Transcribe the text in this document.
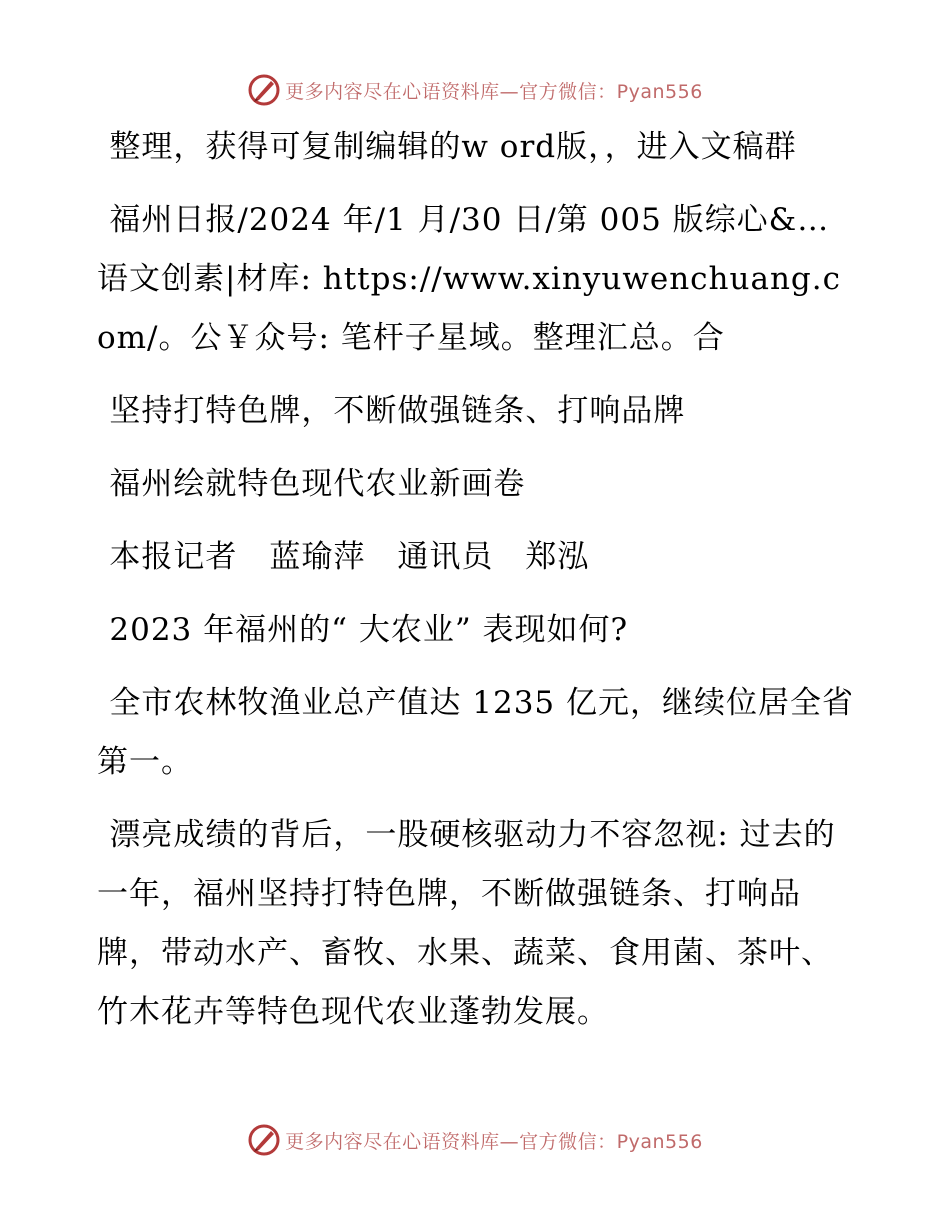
更多内容尽在心语资料库—官方微信：Pyan556

整理，获得可复制编辑的w ord版，，进入文稿群

福州日报/2024 年/1 月/30 日/第 005 版综心&…语文创素|材库: https://www.xinyuwenchuang.com/。公￥众号: 笔杆子星域。整理汇总。合

坚持打特色牌，不断做强链条、打响品牌

福州绘就特色现代农业新画卷

本报记者　蓝瑜萍　通讯员　郑泓

2023 年福州的“ 大农业” 表现如何?

全市农林牧渔业总产值达 1235 亿元，继续位居全省第一。

漂亮成绩的背后，一股硬核驱动力不容忽视: 过去的一年，福州坚持打特色牌，不断做强链条、打响品牌，带动水产、畜牧、水果、蔬菜、食用菌、茶叶、竹木花卉等特色现代农业蓬勃发展。

更多内容尽在心语资料库—官方微信：Pyan556
